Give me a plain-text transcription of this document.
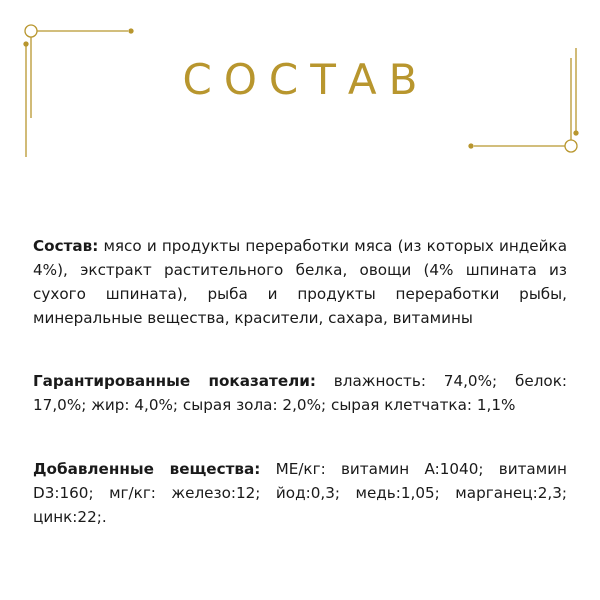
СОСТАВ
Состав: мясо и продукты переработки мяса (из которых индейка 4%), экстракт растительного белка, овощи (4% шпината из сухого шпината), рыба и продукты переработки рыбы, минеральные вещества, красители, сахара, витамины
Гарантированные показатели: влажность: 74,0%; белок: 17,0%; жир: 4,0%; сырая зола: 2,0%; сырая клетчатка: 1,1%
Добавленные вещества: МЕ/кг: витамин A:1040; витамин D3:160; мг/кг: железо:12; йод:0,3; медь:1,05; марганец:2,3; цинк:22;.
